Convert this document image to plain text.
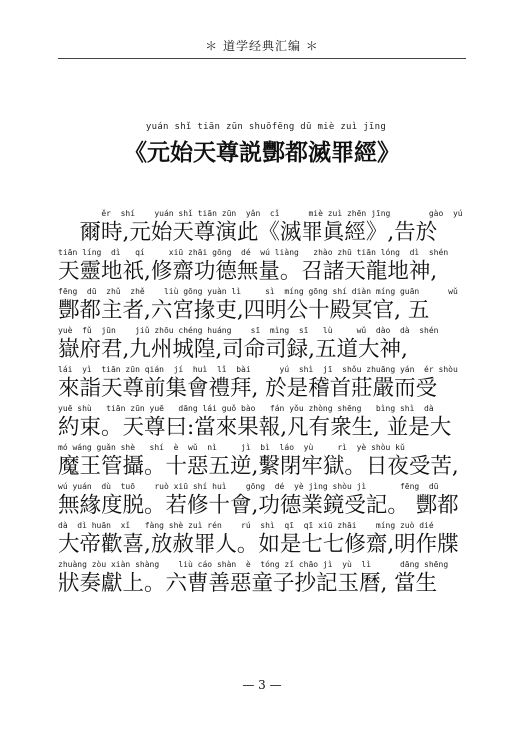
＊ 道学经典汇编 ＊
yuán shǐ tiān zūn shuōfēng dū miè zuì jīng
《元始天尊説酆都滅罪經》
ěr  shí    yuán shǐ tiān zūn  yǎn  cǐ      miè zuì zhēn jīng        gào  yú
　爾時,元始天尊演此《滅罪眞經》,告於
tiān líng  dì   qí     xiū zhāi gōng  dé  wú liàng   zhào zhū tiān lóng  dì  shén
天靈地祇,修齋功德無量。召諸天龍地神,
fēng  dū  zhǔ  zhě    liù gōng yuàn lì     sì  míng gōng shí diàn míng guān      wǔ
酆都主者,六宮掾吏,四明公十殿冥官, 五
yuè  fǔ  jūn    jiǔ zhōu chéng huáng    sī  mìng  sī   lù     wǔ  dào  dà  shén
嶽府君,九州城隍,司命司録,五道大神,
lái  yì  tiān zūn qián  jí  huì  lǐ  bài      yú  shì  jī  shǒu zhuāng yán  ér shòu
來詣天尊前集會禮拜, 於是稽首莊嚴而受
yuē shù   tiān zūn yuē   dāng lái guǒ bào   fán yǒu zhòng shēng   bìng shì  dà
約束。天尊曰:當來果報,凡有衆生, 並是大
mó wáng guǎn shè   shí  è  wǔ  nì     jì  bì  láo  yù     rì  yè shòu kǔ
魔王管攝。十惡五逆,繫閉牢獄。日夜受苦,
wú yuán  dù  tuō    ruò xiū shí huì    gōng  dé  yè jìng shòu jì       fēng  dū
無緣度脱。若修十會,功德業鏡受記。 酆都
dà  dì huān  xǐ   fàng shè zuì rén    rú  shì  qī  qī xiū zhāi    míng zuò dié
大帝歡喜,放赦罪人。如是七七修齋,明作牒
zhuàng zòu xiàn shàng    liù cáo shàn  è  tóng zǐ chāo jì  yù  lì      dāng shēng
狀奏獻上。六曹善惡童子抄記玉曆, 當生
— 3 —
